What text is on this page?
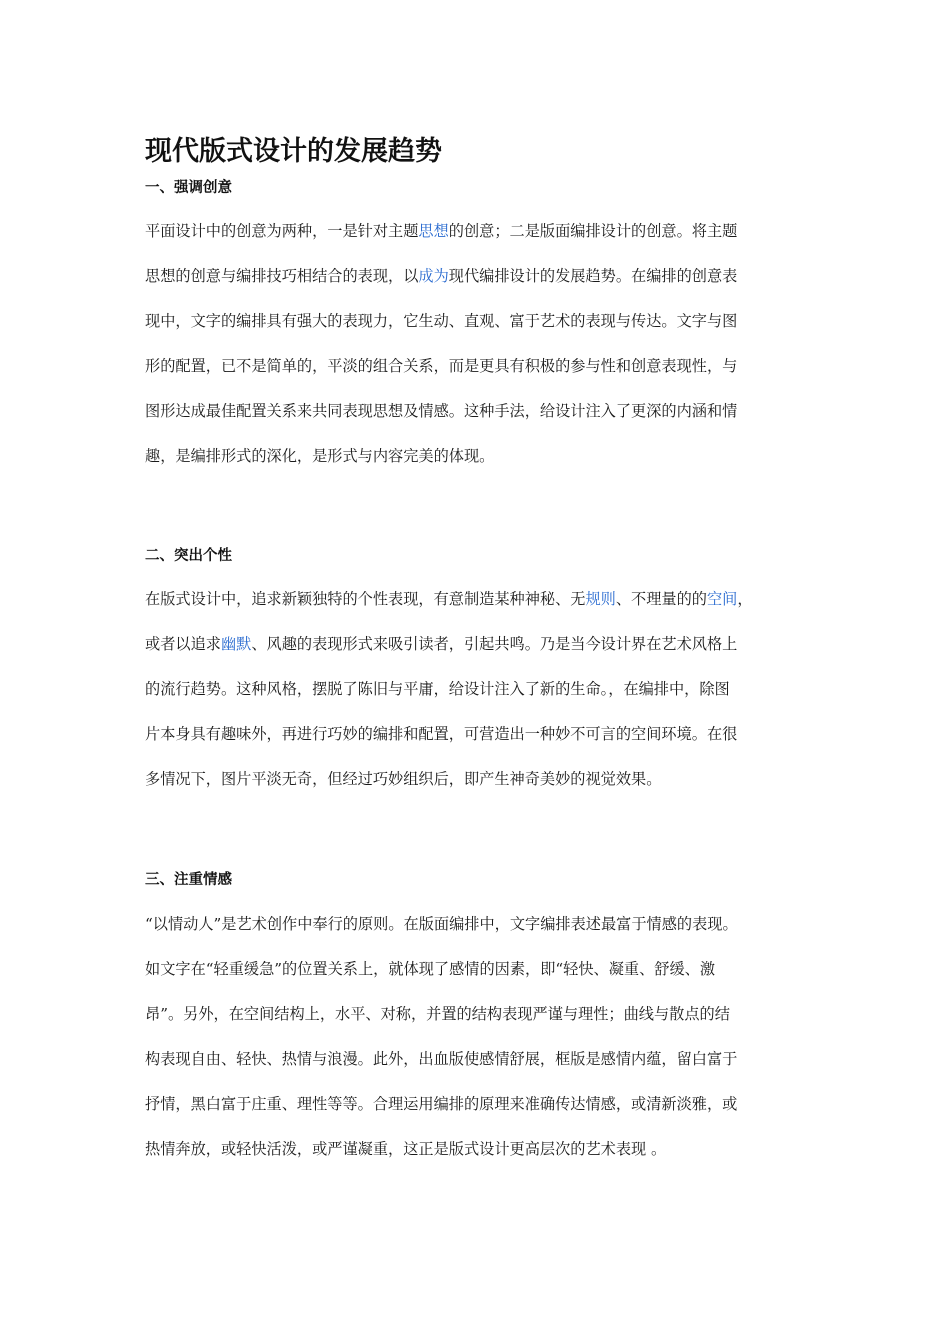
现代版式设计的发展趋势
一、强调创意
平面设计中的创意为两种，一是针对主题思想的创意；二是版面编排设计的创意。将主题
思想的创意与编排技巧相结合的表现，以成为现代编排设计的发展趋势。在编排的创意表
现中，文字的编排具有强大的表现力，它生动、直观、富于艺术的表现与传达。文字与图
形的配置，已不是简单的，平淡的组合关系，而是更具有积极的参与性和创意表现性，与
图形达成最佳配置关系来共同表现思想及情感。这种手法，给设计注入了更深的内涵和情
趣，是编排形式的深化，是形式与内容完美的体现。
二、突出个性
在版式设计中，追求新颖独特的个性表现，有意制造某种神秘、无规则、不理量的的空间，
或者以追求幽默、风趣的表现形式来吸引读者，引起共鸣。乃是当今设计界在艺术风格上
的流行趋势。这种风格，摆脱了陈旧与平庸，给设计注入了新的生命。，在编排中，除图
片本身具有趣味外，再进行巧妙的编排和配置，可营造出一种妙不可言的空间环境。在很
多情况下，图片平淡无奇，但经过巧妙组织后，即产生神奇美妙的视觉效果。
三、注重情感
“以情动人”是艺术创作中奉行的原则。在版面编排中，文字编排表述最富于情感的表现。
如文字在“轻重缓急”的位置关系上，就体现了感情的因素，即“轻快、凝重、舒缓、激
昂”。另外，在空间结构上，水平、对称，并置的结构表现严谨与理性；曲线与散点的结
构表现自由、轻快、热情与浪漫。此外，出血版使感情舒展，框版是感情内蕴，留白富于
抒情，黑白富于庄重、理性等等。合理运用编排的原理来准确传达情感，或清新淡雅，或
热情奔放，或轻快活泼，或严谨凝重，这正是版式设计更高层次的艺术表现 。
